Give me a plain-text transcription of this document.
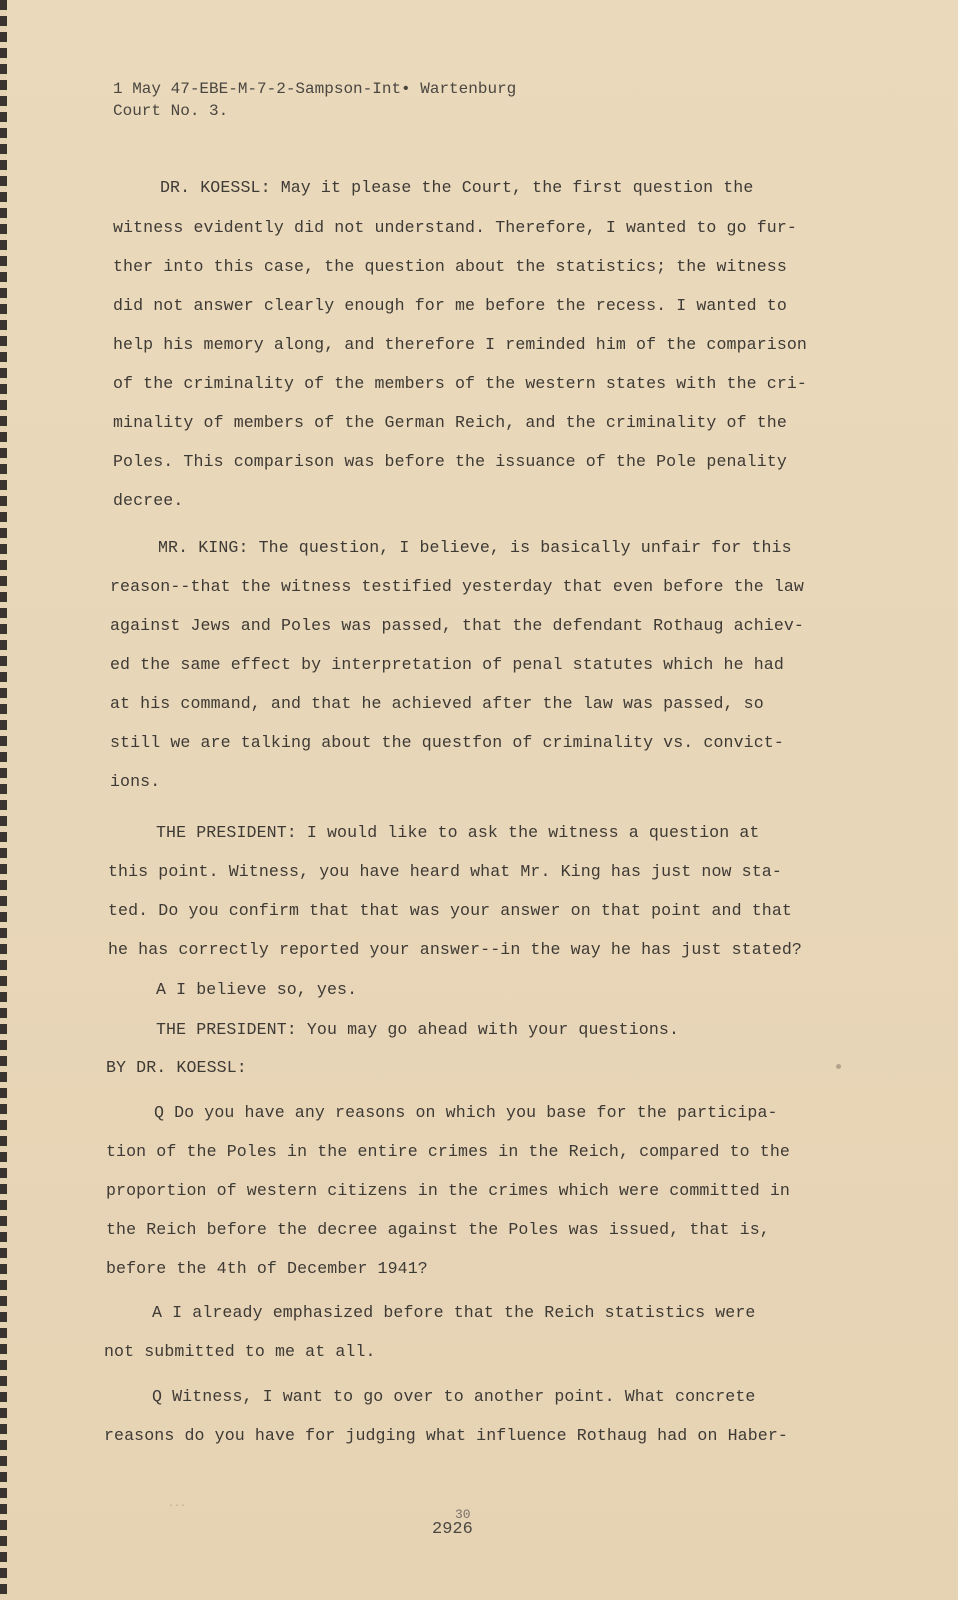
1 May 47-EBE-M-7-2-Sampson-Int• Wartenburg
Court No. 3.
DR. KOESSL: May it please the Court, the first question the
witness evidently did not understand. Therefore, I wanted to go fur-
ther into this case, the question about the statistics; the witness
did not answer clearly enough for me before the recess. I wanted to
help his memory along, and therefore I reminded him of the comparison
of the criminality of the members of the western states with the cri-
minality of members of the German Reich, and the criminality of the
Poles. This comparison was before the issuance of the Pole penality
decree.
MR. KING: The question, I believe, is basically unfair for this
reason--that the witness testified yesterday that even before the law
against Jews and Poles was passed, that the defendant Rothaug achiev-
ed the same effect by interpretation of penal statutes which he had
at his command, and that he achieved after the law was passed, so
still we are talking about the questfon of criminality vs. convict-
ions.
THE PRESIDENT: I would like to ask the witness a question at
this point. Witness, you have heard what Mr. King has just now sta-
ted. Do you confirm that that was your answer on that point and that
he has correctly reported your answer--in the way he has just stated?
A I believe so, yes.
THE PRESIDENT: You may go ahead with your questions.
BY DR. KOESSL:
Q Do you have any reasons on which you base for the participa-
tion of the Poles in the entire crimes in the Reich, compared to the
proportion of western citizens in the crimes which were committed in
the Reich before the decree against the Poles was issued, that is,
before the 4th of December 1941?
A I already emphasized before that the Reich statistics were
not submitted to me at all.
Q Witness, I want to go over to another point. What concrete
reasons do you have for judging what influence Rothaug had on Haber-
···
30
2926
